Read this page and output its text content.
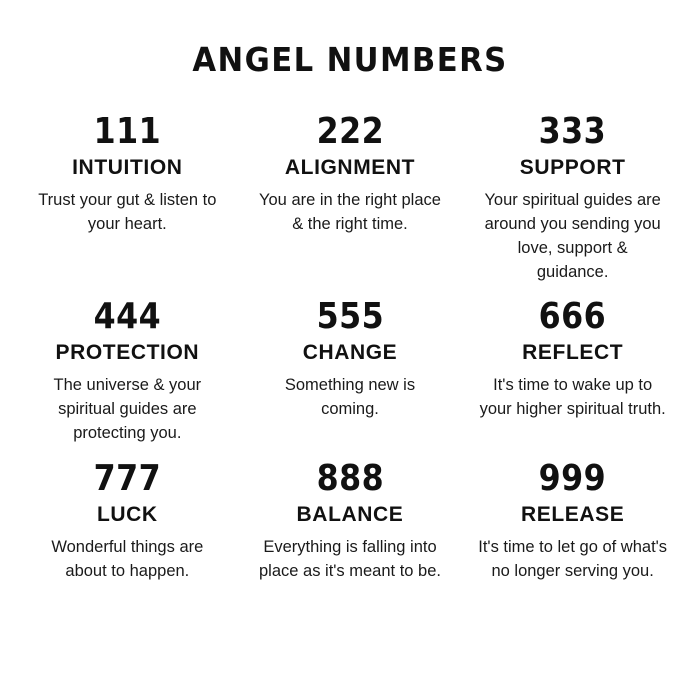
ANGEL NUMBERS
111
INTUITION
Trust your gut & listen to your heart.
222
ALIGNMENT
You are in the right place & the right time.
333
SUPPORT
Your spiritual guides are around you sending you love, support & guidance.
444
PROTECTION
The universe & your spiritual guides are protecting you.
555
CHANGE
Something new is coming.
666
REFLECT
It's time to wake up to your higher spiritual truth.
777
LUCK
Wonderful things are about to happen.
888
BALANCE
Everything is falling into place as it's meant to be.
999
RELEASE
It's time to let go of what's no longer serving you.
